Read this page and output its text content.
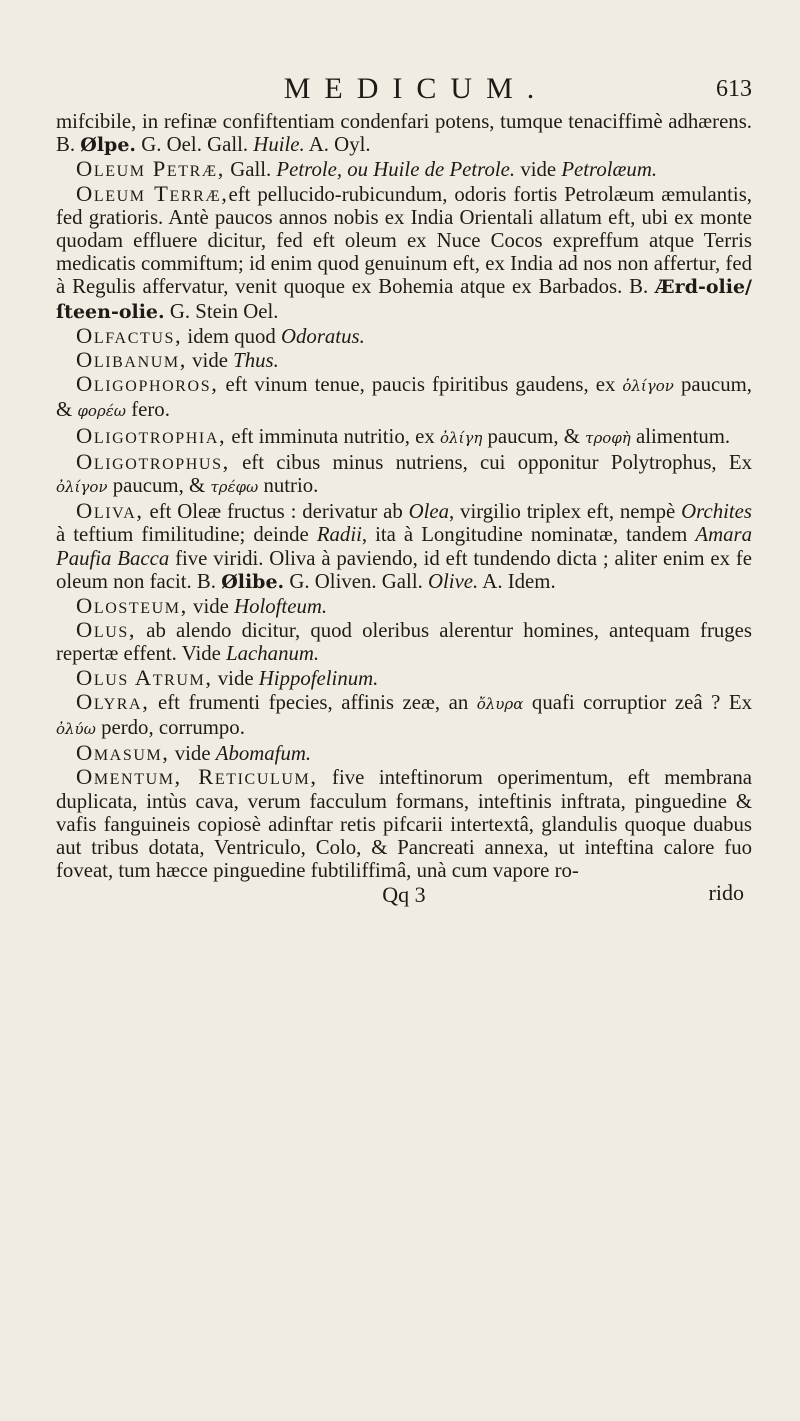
MEDICUM.	613

mifcibile, in refinæ confiftentiam condenfari potens, tumque tenaciffimè adhærens. B. Ølpe. G. Oel. Gall. Huile. A. Oyl.

Oleum Petræ, Gall. Petrole, ou Huile de Petrole. vide Petrolæum.

Oleum Terræ,eft pellucido-rubicundum, odoris fortis Petrolæum æmulantis, fed gratioris. Antè paucos annos nobis ex India Orientali allatum eft, ubi ex monte quodam effluere dicitur, fed eft oleum ex Nuce Cocos expreffum atque Terris medicatis commiftum; id enim quod genuinum eft, ex India ad nos non affertur, fed à Regulis affervatur, venit quoque ex Bohemia atque ex Barbados. B. Ærd-olie/ ſteen-olie. G. Stein Oel.

Olfactus, idem quod Odoratus.

Olibanum, vide Thus.

Oligophoros, eft vinum tenue, paucis fpiritibus gaudens, ex ὀλίγον paucum, & φορέω fero.

Oligotrophia, eft imminuta nutritio, ex ὀλίγη paucum, & τροφὴ alimentum.

Oligotrophus, eft cibus minus nutriens, cui opponitur Polytrophus, Ex ὀλίγον paucum, & τρέφω nutrio.

Oliva, eft Oleæ fructus : derivatur ab Olea, virgilio triplex eft, nempè Orchites à teftium fimilitudine; deinde Radii, ita à Longitudine nominatæ, tandem Amara Paufia Bacca five viridi. Oliva à paviendo, id eft tundendo dicta ; aliter enim ex fe oleum non facit. B. Ølibe. G. Oliven. Gall. Olive. A. Idem.

Olosteum, vide Holofteum.

Olus, ab alendo dicitur, quod oleribus alerentur homines, antequam fruges repertæ effent. Vide Lachanum.

Olus Atrum, vide Hippofelinum.

Olyra, eft frumenti fpecies, affinis zeæ, an ὄλυρα quafi corruptior zeâ ? Ex ὀλύω perdo, corrumpo.

Omasum, vide Abomafum.

Omentum, Reticulum, five inteftinorum operimentum, eft membrana duplicata, intùs cava, verum facculum formans, inteftinis inftrata, pinguedine & vafis fanguineis copiosè adinftar retis pifcarii intertextâ, glandulis quoque duabus aut tribus dotata, Ventriculo, Colo, & Pancreati annexa, ut inteftina calore fuo foveat, tum hæcce pinguedine fubtiliffimâ, unà cum vapore ro-

Qq 3	rido
